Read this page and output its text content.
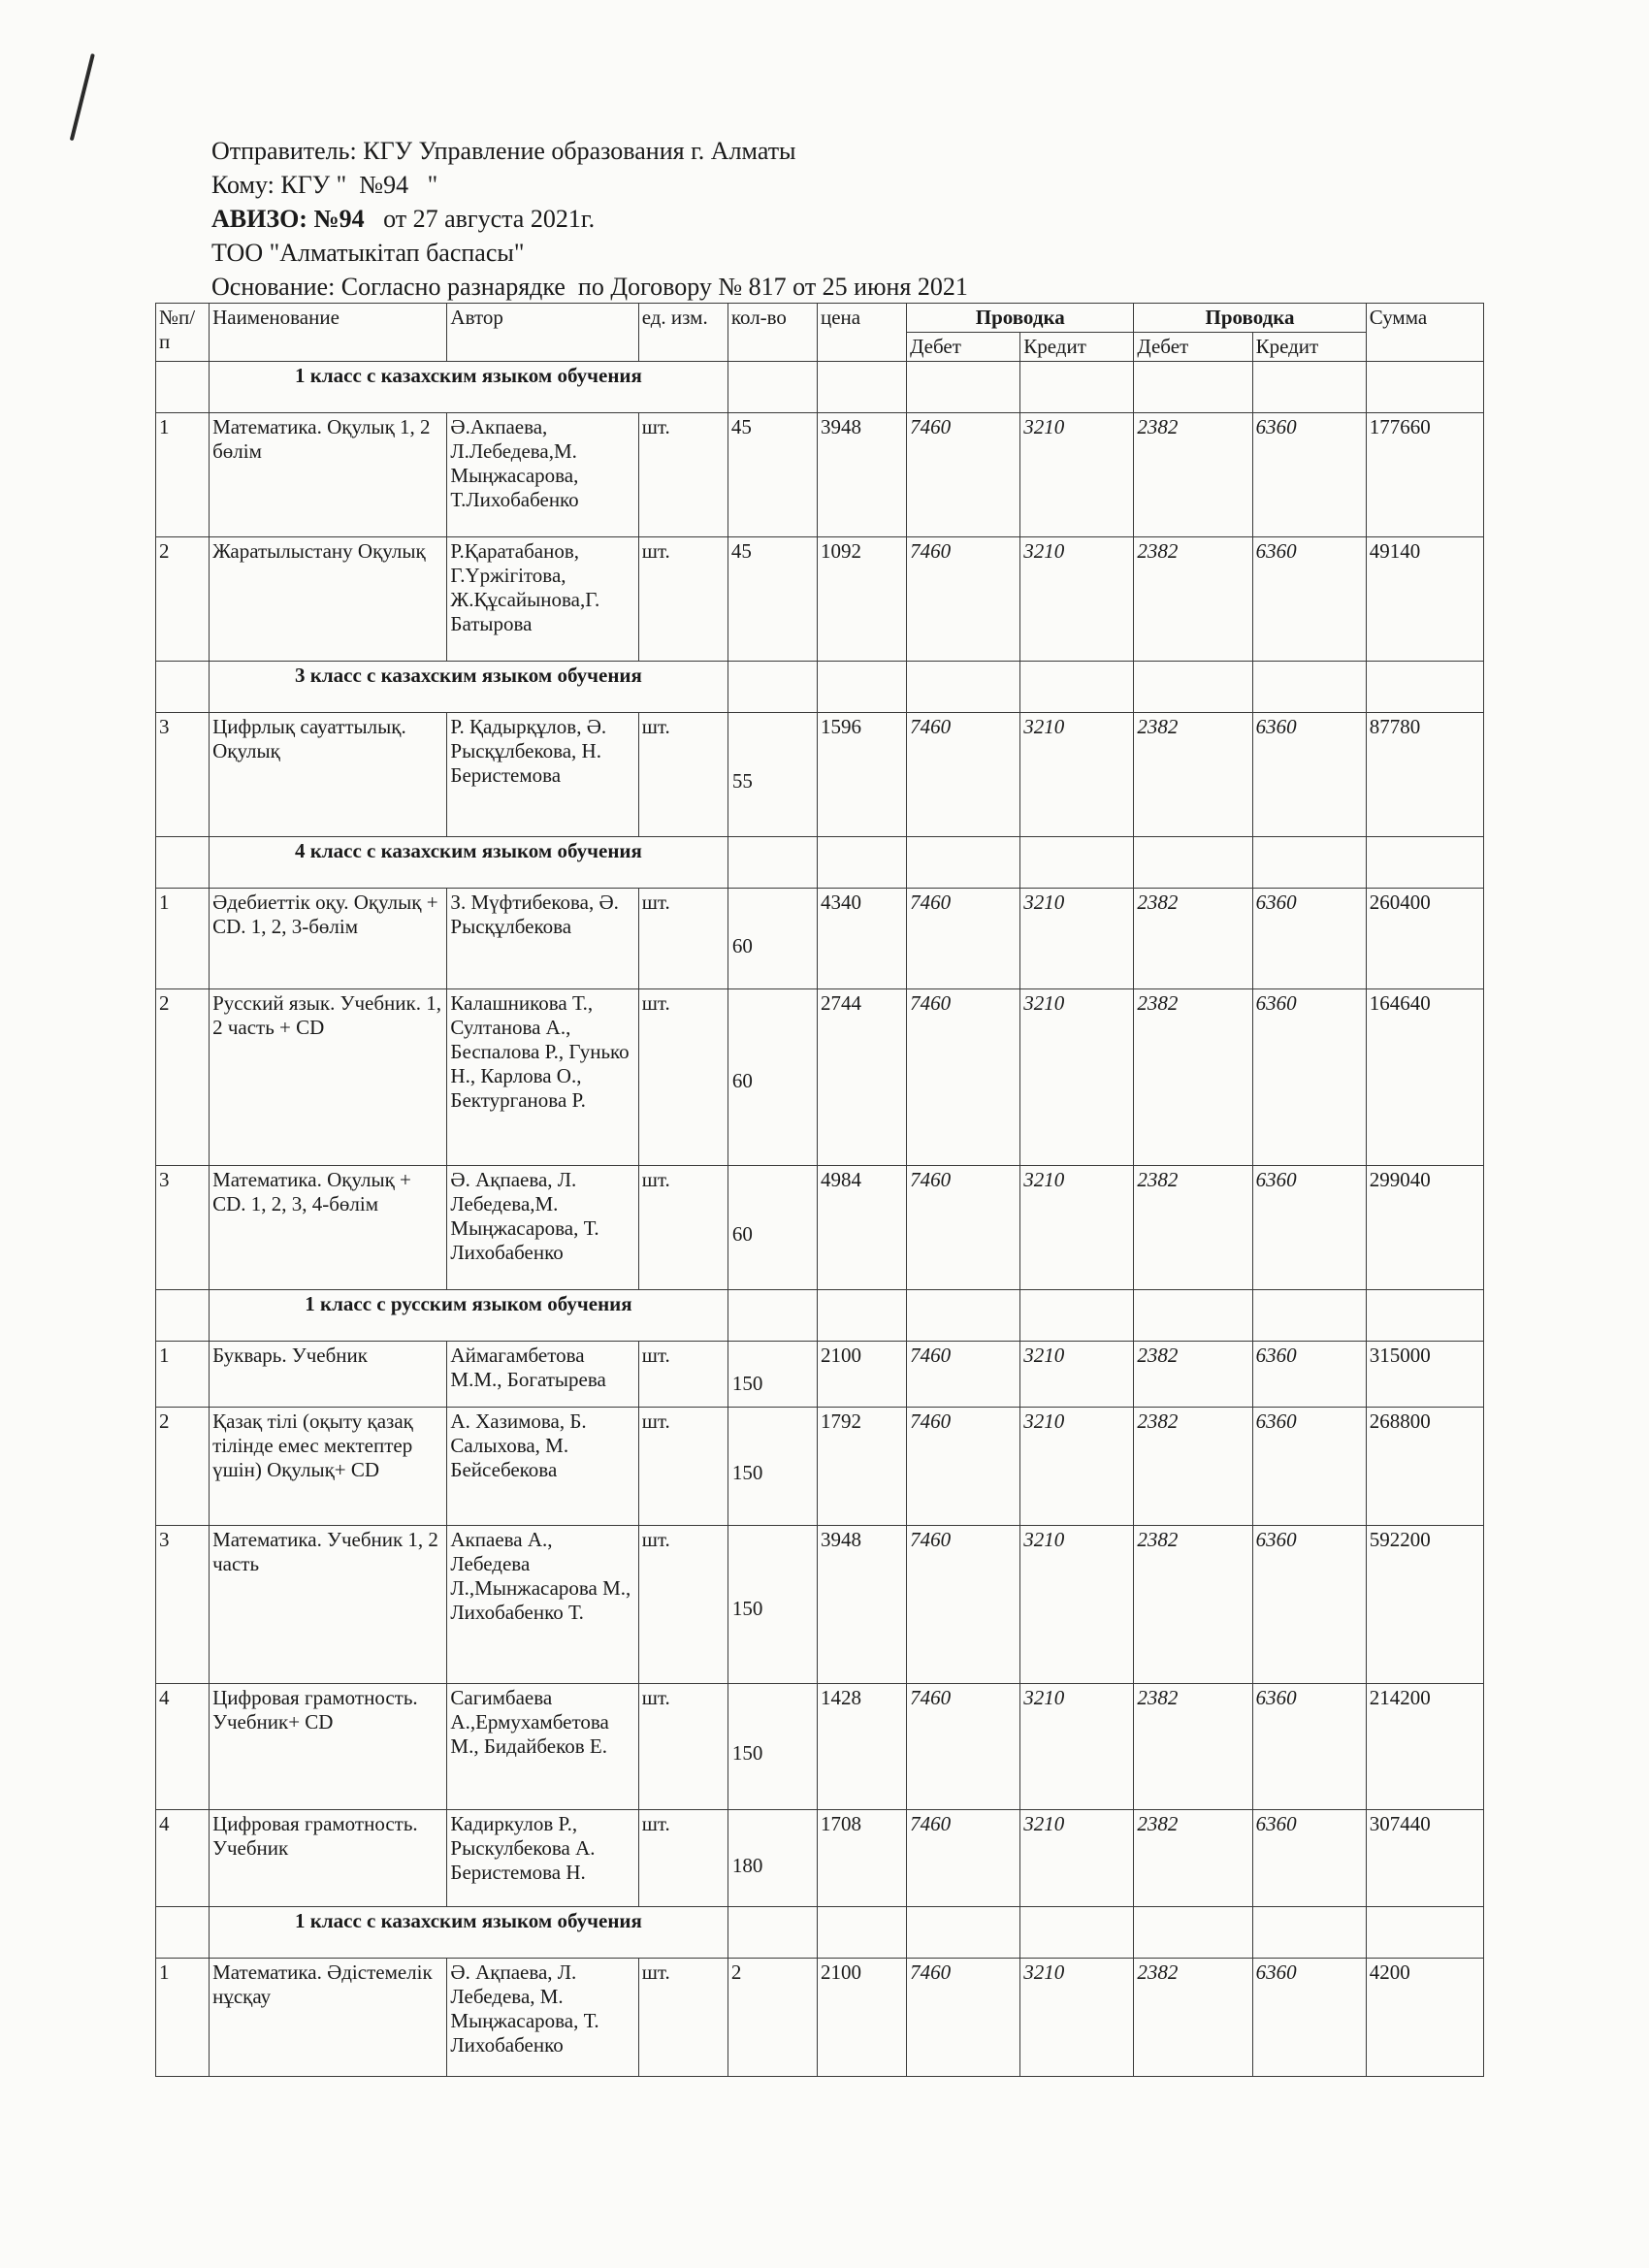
Отправитель: КГУ Управление образования г. Алматы
Кому: КГУ "  №94   "
АВИЗО: №94   от 27 августа 2021г.
ТОО "Алматыкітап баспасы"
Основание: Согласно разнарядке  по Договору № 817 от 25 июня 2021
№п/п	Наименование	Автор	ед. изм.	кол-во	цена	Проводка		Проводка		Сумма
						Дебет	Кредит	Дебет	Кредит	
	1 класс с казахским языком обучения									
1	Математика. Оқулық 1, 2 бөлім	Ә.Акпаева, Л.Лебедева,М. Мыңжасарова, Т.Лихобабенко	шт.	45	3948	7460	3210	2382	6360	177660
2	Жаратылыстану Оқулық	Р.Қаратабанов, Г.Үржігітова, Ж.Құсайынова,Г. Батырова	шт.	45	1092	7460	3210	2382	6360	49140
	3 класс с казахским языком обучения									
3	Цифрлық сауаттылық. Оқулық	Р. Қадырқұлов, Ә. Рысқұлбекова, Н. Беристемова	шт.	55	1596	7460	3210	2382	6360	87780
	4 класс с казахским языком обучения									
1	Әдебиеттік оқу. Оқулық + CD. 1, 2, 3-бөлім	З. Мүфтибекова, Ә. Рысқұлбекова	шт.	60	4340	7460	3210	2382	6360	260400
2	Русский язык. Учебник. 1, 2 часть + CD	Калашникова Т., Султанова А., Беспалова Р., Гунько Н., Карлова О., Бектурганова Р.	шт.	60	2744	7460	3210	2382	6360	164640
3	Математика. Оқулық + CD. 1, 2, 3, 4-бөлім	Ә. Ақпаева, Л. Лебедева,М. Мыңжасарова, Т. Лихобабенко	шт.	60	4984	7460	3210	2382	6360	299040
	1 класс с русским языком обучения									
1	Букварь. Учебник	Аймагамбетова М.М., Богатырева	шт.	150	2100	7460	3210	2382	6360	315000
2	Қазақ тілі (оқыту қазақ тілінде емес мектептер үшін) Оқулық+ CD	А. Хазимова, Б. Салыхова, М. Бейсебекова	шт.	150	1792	7460	3210	2382	6360	268800
3	Математика. Учебник 1, 2 часть	Акпаева А., Лебедева Л.,Мынжасарова М., Лихобабенко Т.	шт.	150	3948	7460	3210	2382	6360	592200
4	Цифровая грамотность. Учебник+ CD	Сагимбаева А.,Ермухамбетова М., Бидайбеков Е.	шт.	150	1428	7460	3210	2382	6360	214200
4	Цифровая грамотность. Учебник	Кадиркулов Р., Рыскулбекова А. Беристемова Н.	шт.	180	1708	7460	3210	2382	6360	307440
	1 класс с казахским языком обучения									
1	Математика. Әдістемелік нұсқау	Ә. Ақпаева, Л. Лебедева, М. Мыңжасарова, Т. Лихобабенко	шт.	2	2100	7460	3210	2382	6360	4200
